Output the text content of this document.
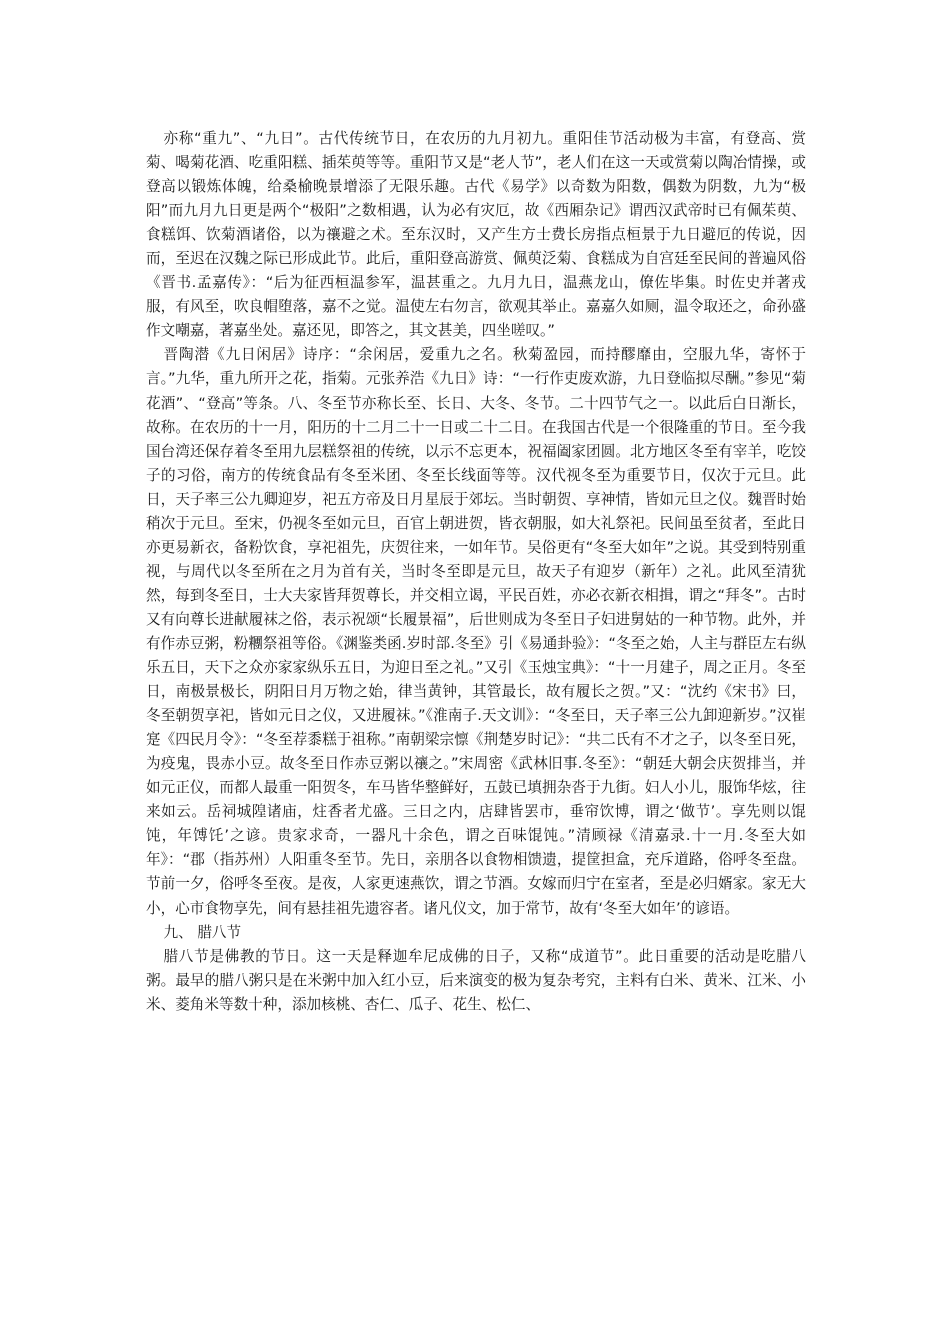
亦称“重九”、“九日”。古代传统节日，在农历的九月初九。重阳佳节活动极为丰富，有登高、赏菊、喝菊花酒、吃重阳糕、插茱萸等等。重阳节又是“老人节”，老人们在这一天或赏菊以陶冶情操，或登高以锻炼体魄，给桑榆晚景增添了无限乐趣。古代《易学》以奇数为阳数，偶数为阴数，九为“极阳”而九月九日更是两个“极阳”之数相遇，认为必有灾厄，故《西厢杂记》谓西汉武帝时已有佩茱萸、食糕饵、饮菊酒诸俗，以为禳避之术。至东汉时，又产生方士费长房指点桓景于九日避厄的传说，因而，至迟在汉魏之际已形成此节。此后，重阳登高游赏、佩萸泛菊、食糕成为自宫廷至民间的普遍风俗《晋书.孟嘉传》：“后为征西桓温参军，温甚重之。九月九日，温燕龙山，僚佐毕集。时佐史并著戎服，有风至，吹良帽堕落，嘉不之觉。温使左右勿言，欲观其举止。嘉嘉久如厕，温令取还之，命孙盛作文嘲嘉，著嘉坐处。嘉还见，即答之，其文甚美，四坐嗟叹。”

晋陶潜《九日闲居》诗序：“余闲居，爱重九之名。秋菊盈园，而持醪靡由，空服九华，寄怀于言。”九华，重九所开之花，指菊。元张养浩《九日》诗：“一行作吏废欢游，九日登临拟尽酬。”参见“菊花酒”、“登高”等条。八、冬至节亦称长至、长日、大冬、冬节。二十四节气之一。以此后白日渐长，故称。在农历的十一月，阳历的十二月二十一日或二十二日。在我国古代是一个很隆重的节日。至今我国台湾还保存着冬至用九层糕祭祖的传统，以示不忘更本，祝福阖家团圆。北方地区冬至有宰羊，吃饺子的习俗，南方的传统食品有冬至米团、冬至长线面等等。汉代视冬至为重要节日，仅次于元旦。此日，天子率三公九卿迎岁，祀五方帝及日月星辰于郊坛。当时朝贺、享神情，皆如元旦之仪。魏晋时始稍次于元旦。至宋，仍视冬至如元旦，百官上朝进贺，皆衣朝服，如大礼祭祀。民间虽至贫者，至此日亦更易新衣，备粉饮食，享祀祖先，庆贺往来，一如年节。吴俗更有“冬至大如年”之说。其受到特别重视，与周代以冬至所在之月为首有关，当时冬至即是元旦，故天子有迎岁（新年）之礼。此风至清犹然，每到冬至日，士大夫家皆拜贺尊长，并交相立谒，平民百姓，亦必衣新衣相揖，谓之“拜冬”。古时又有向尊长进献履袜之俗，表示祝颂“长履景福”，后世则成为冬至日子妇进舅姑的一种节物。此外，并有作赤豆粥，粉糰祭祖等俗。《渊鉴类函.岁时部.冬至》引《易通卦验》：“冬至之始，人主与群臣左右纵乐五日，天下之众亦家家纵乐五日，为迎日至之礼。”又引《玉烛宝典》：“十一月建子，周之正月。冬至日，南极景极长，阴阳日月万物之始，律当黄钟，其管最长，故有履长之贺。”又：“沈约《宋书》曰，冬至朝贺享祀，皆如元日之仪，又进履袜。”《淮南子.天文训》：“冬至日，天子率三公九卸迎新岁。”汉崔寔《四民月令》：“冬至荐黍糕于祖称。”南朝梁宗懔《荆楚岁时记》：“共二氏有不才之子，以冬至日死，为疫鬼，畏赤小豆。故冬至日作赤豆粥以禳之。”宋周密《武林旧事.冬至》：“朝廷大朝会庆贺排当，并如元正仪，而都人最重一阳贺冬，车马皆华整鲜好，五鼓已填拥杂沓于九街。妇人小儿，服饰华炫，往来如云。岳祠城隍诸庙，炷香者尤盛。三日之内，店肆皆罢市，垂帘饮博，谓之‘做节’。享先则以馄饨，年馎饦’之谚。贵家求奇，一器凡十余色，谓之百味馄饨。”清顾禄《清嘉录.十一月.冬至大如年》：“郡（指苏州）人阳重冬至节。先日，亲朋各以食物相馈遗，提筐担盒，充斥道路，俗呼冬至盘。节前一夕，俗呼冬至夜。是夜，人家更速燕饮，谓之节酒。女嫁而归宁在室者，至是必归婿家。家无大小，心市食物享先，间有悬挂祖先遗容者。诸凡仪文，加于常节，故有‘冬至大如年’的谚语。

九、 腊八节

腊八节是佛教的节日。这一天是释迦牟尼成佛的日子，又称“成道节”。此日重要的活动是吃腊八粥。最早的腊八粥只是在米粥中加入红小豆，后来演变的极为复杂考究，主料有白米、黄米、江米、小米、菱角米等数十种，添加核桃、杏仁、瓜子、花生、松仁、
